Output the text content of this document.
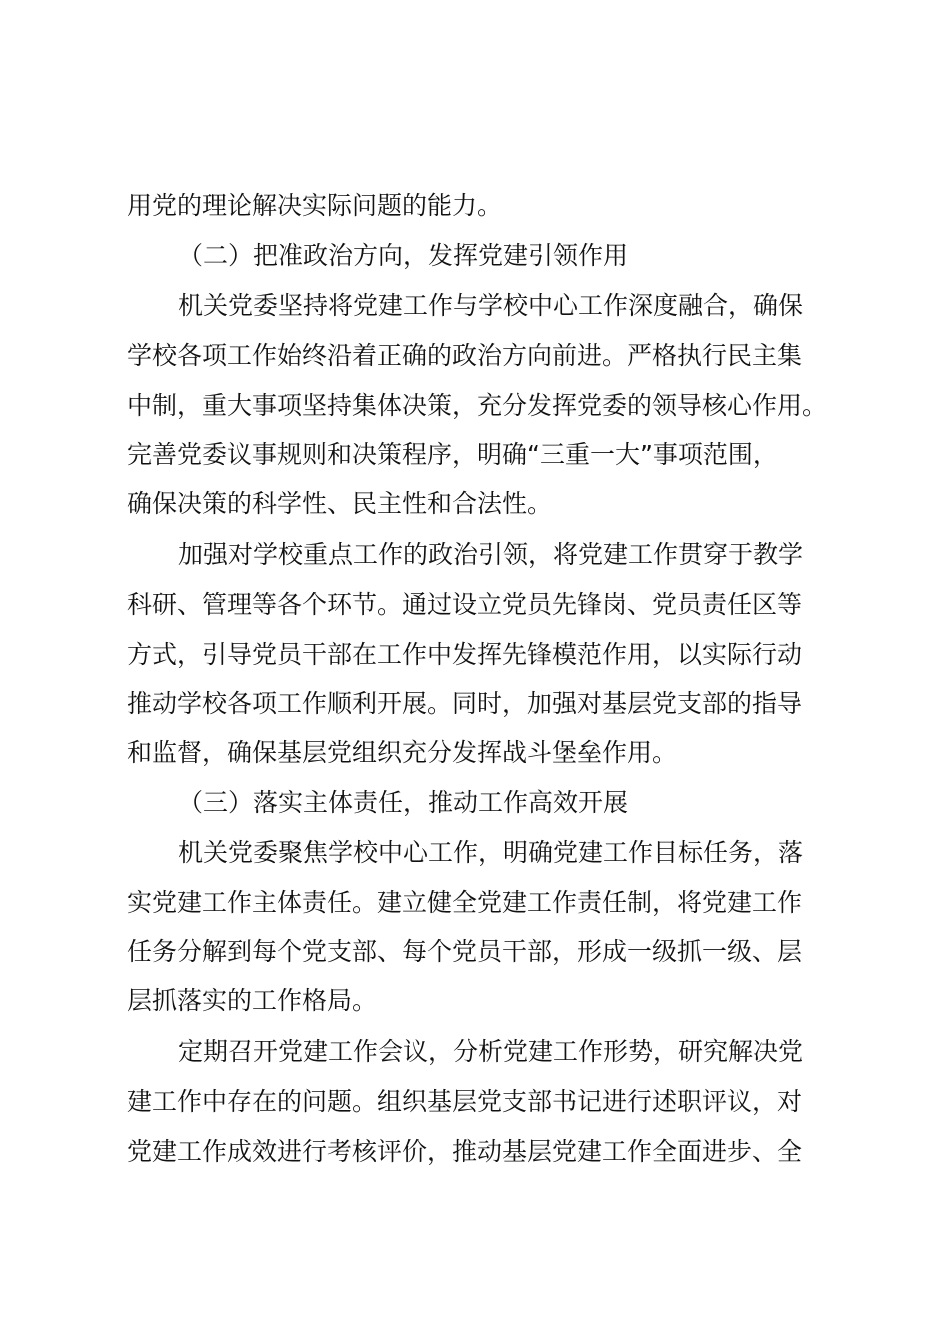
用党的理论解决实际问题的能力。
（二）把准政治方向，发挥党建引领作用
机关党委坚持将党建工作与学校中心工作深度融合，确保
学校各项工作始终沿着正确的政治方向前进。严格执行民主集
中制，重大事项坚持集体决策，充分发挥党委的领导核心作用。
完善党委议事规则和决策程序，明确“三重一大”事项范围，
确保决策的科学性、民主性和合法性。
加强对学校重点工作的政治引领，将党建工作贯穿于教学
科研、管理等各个环节。通过设立党员先锋岗、党员责任区等
方式，引导党员干部在工作中发挥先锋模范作用，以实际行动
推动学校各项工作顺利开展。同时，加强对基层党支部的指导
和监督，确保基层党组织充分发挥战斗堡垒作用。
（三）落实主体责任，推动工作高效开展
机关党委聚焦学校中心工作，明确党建工作目标任务，落
实党建工作主体责任。建立健全党建工作责任制，将党建工作
任务分解到每个党支部、每个党员干部，形成一级抓一级、层
层抓落实的工作格局。
定期召开党建工作会议，分析党建工作形势，研究解决党
建工作中存在的问题。组织基层党支部书记进行述职评议，对
党建工作成效进行考核评价，推动基层党建工作全面进步、全
